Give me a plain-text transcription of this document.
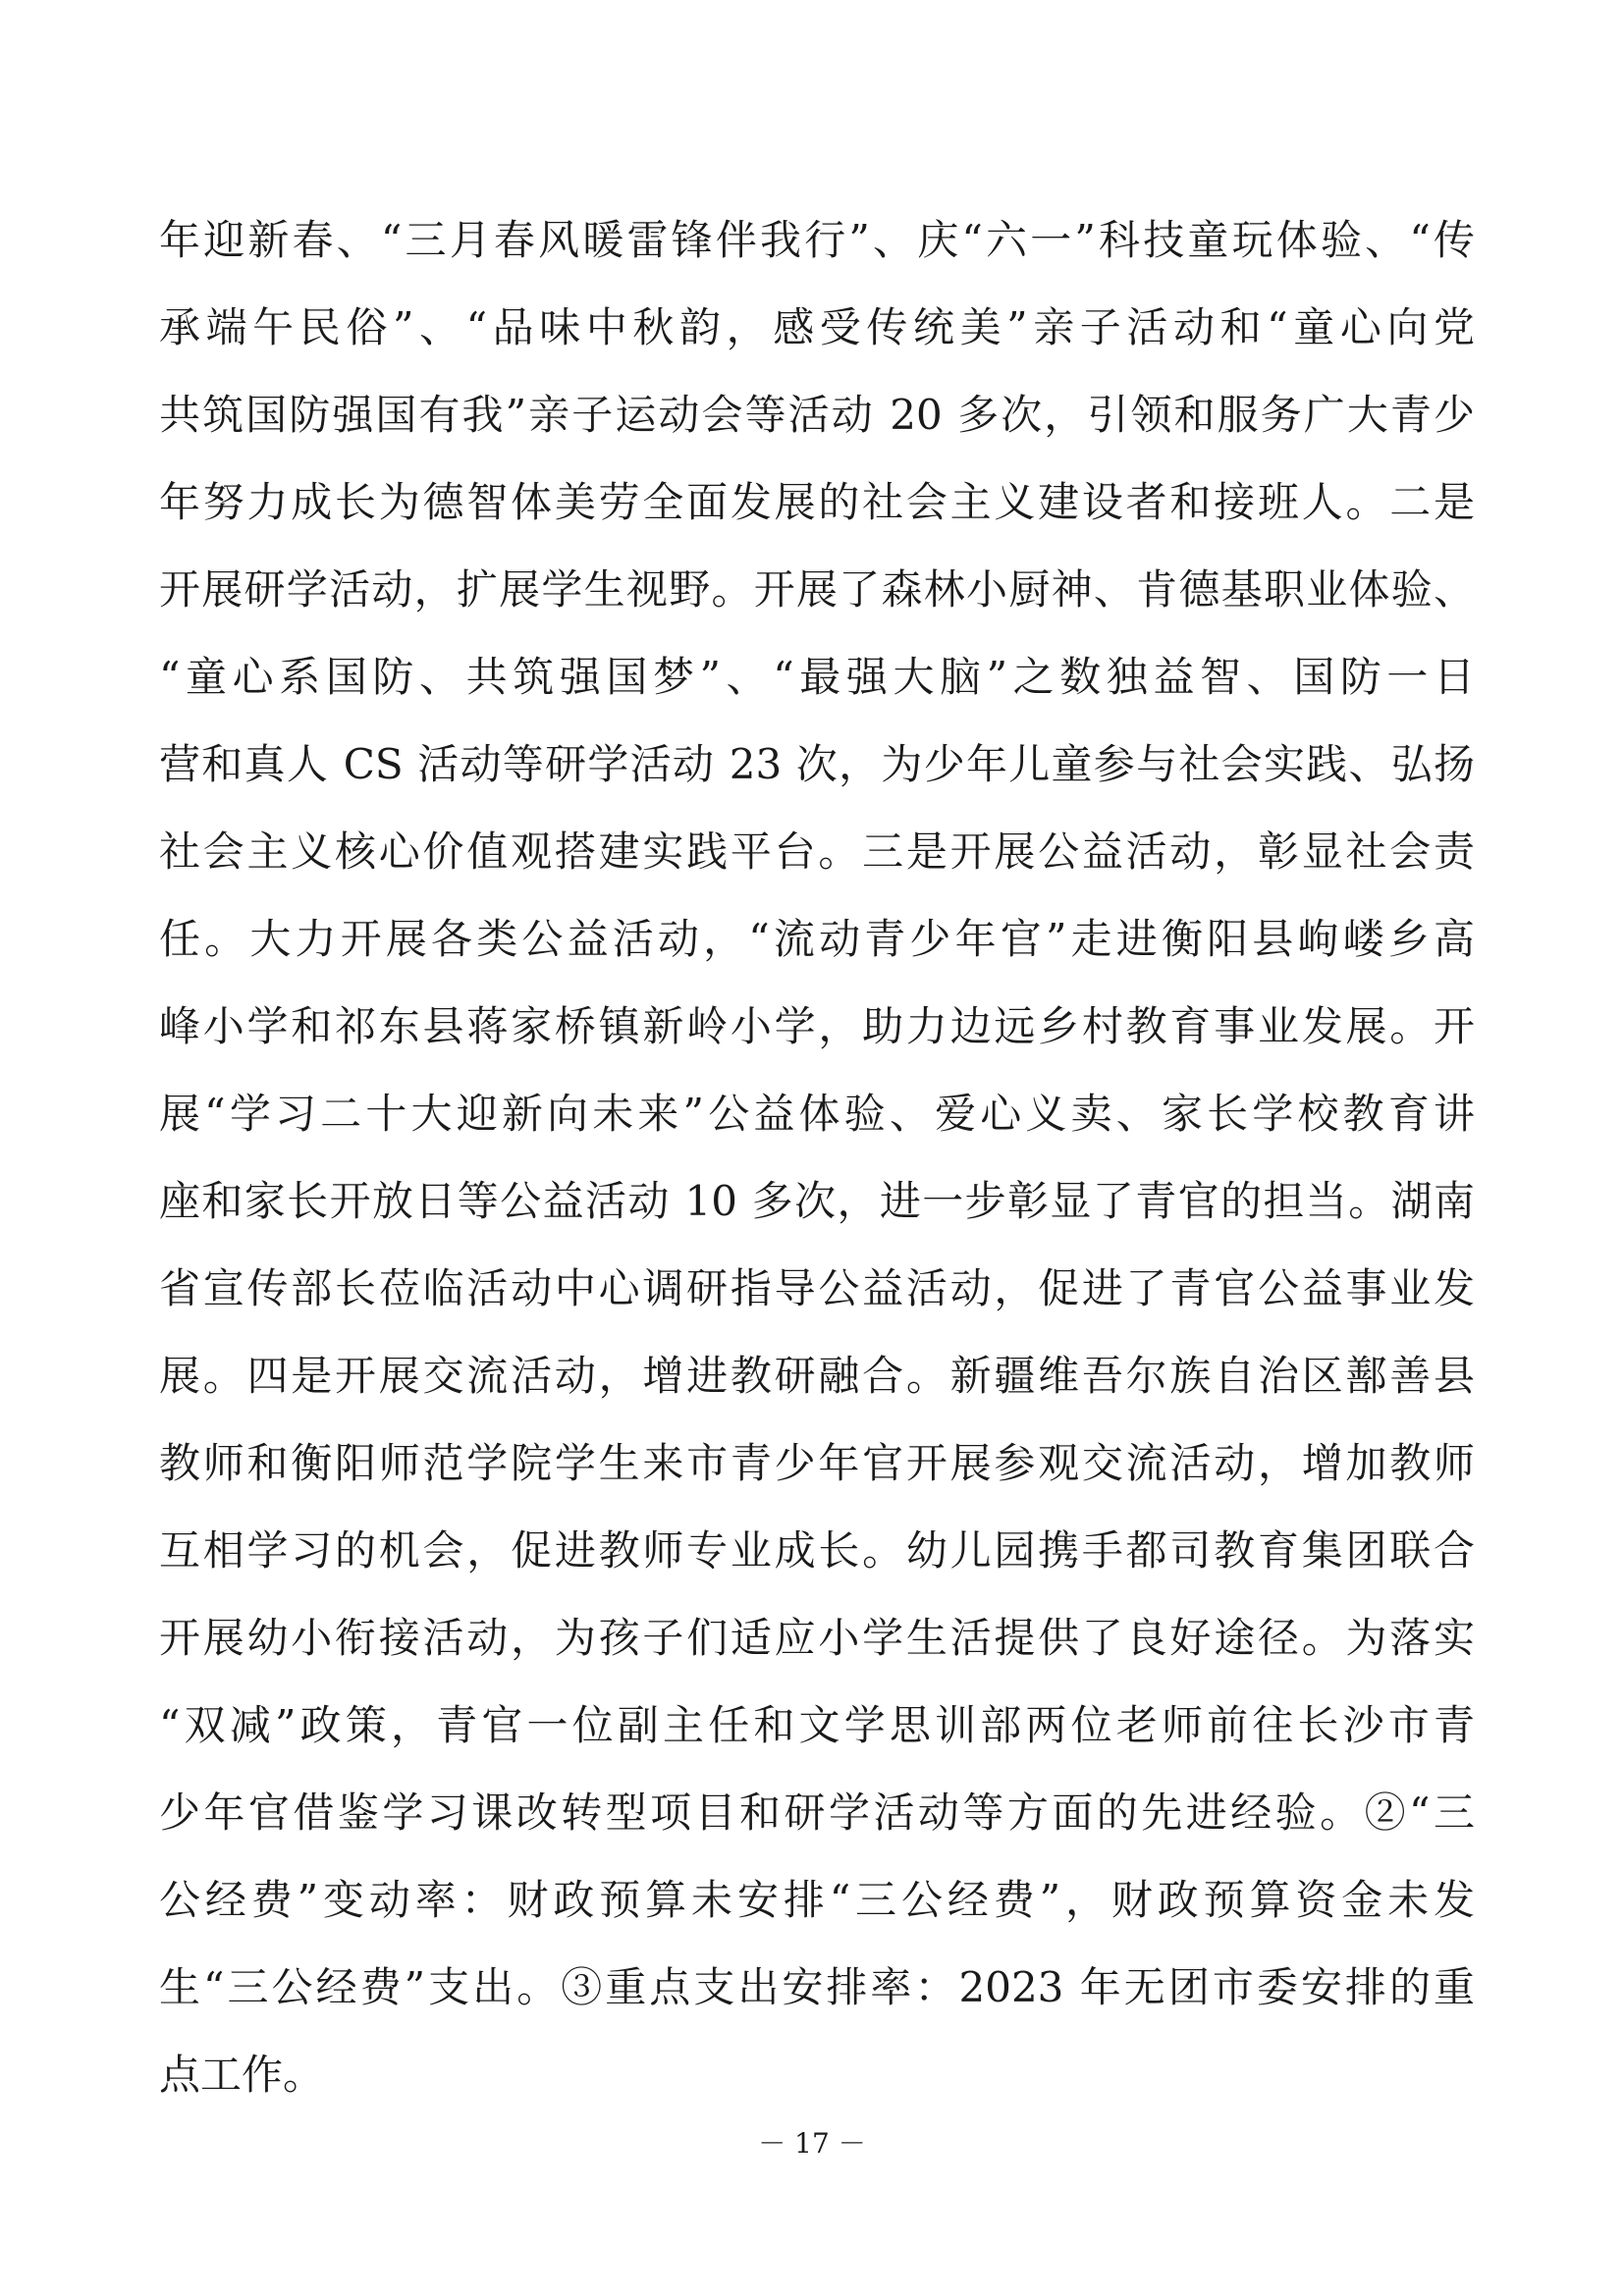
年迎新春、“三月春风暖雷锋伴我行”、庆“六一”科技童玩体验、“传
承端午民俗”、“品味中秋韵，感受传统美”亲子活动和“童心向党
共筑国防强国有我”亲子运动会等活动 20 多次，引领和服务广大青少
年努力成长为德智体美劳全面发展的社会主义建设者和接班人。二是
开展研学活动，扩展学生视野。开展了森林小厨神、肯德基职业体验、
“童心系国防、共筑强国梦”、“最强大脑”之数独益智、国防一日
营和真人 CS 活动等研学活动 23 次，为少年儿童参与社会实践、弘扬
社会主义核心价值观搭建实践平台。三是开展公益活动，彰显社会责
任。大力开展各类公益活动，“流动青少年官”走进衡阳县岣嵝乡高
峰小学和祁东县蒋家桥镇新岭小学，助力边远乡村教育事业发展。开
展“学习二十大迎新向未来”公益体验、爱心义卖、家长学校教育讲
座和家长开放日等公益活动 10 多次，进一步彰显了青官的担当。湖南
省宣传部长莅临活动中心调研指导公益活动，促进了青官公益事业发
展。四是开展交流活动，增进教研融合。新疆维吾尔族自治区鄯善县
教师和衡阳师范学院学生来市青少年官开展参观交流活动，增加教师
互相学习的机会，促进教师专业成长。幼儿园携手都司教育集团联合
开展幼小衔接活动，为孩子们适应小学生活提供了良好途径。为落实
“双减”政策，青官一位副主任和文学思训部两位老师前往长沙市青
少年官借鉴学习课改转型项目和研学活动等方面的先进经验。②“三
公经费”变动率：财政预算未安排“三公经费”，财政预算资金未发
生“三公经费”支出。③重点支出安排率：2023 年无团市委安排的重
点工作。
－ 17 －
